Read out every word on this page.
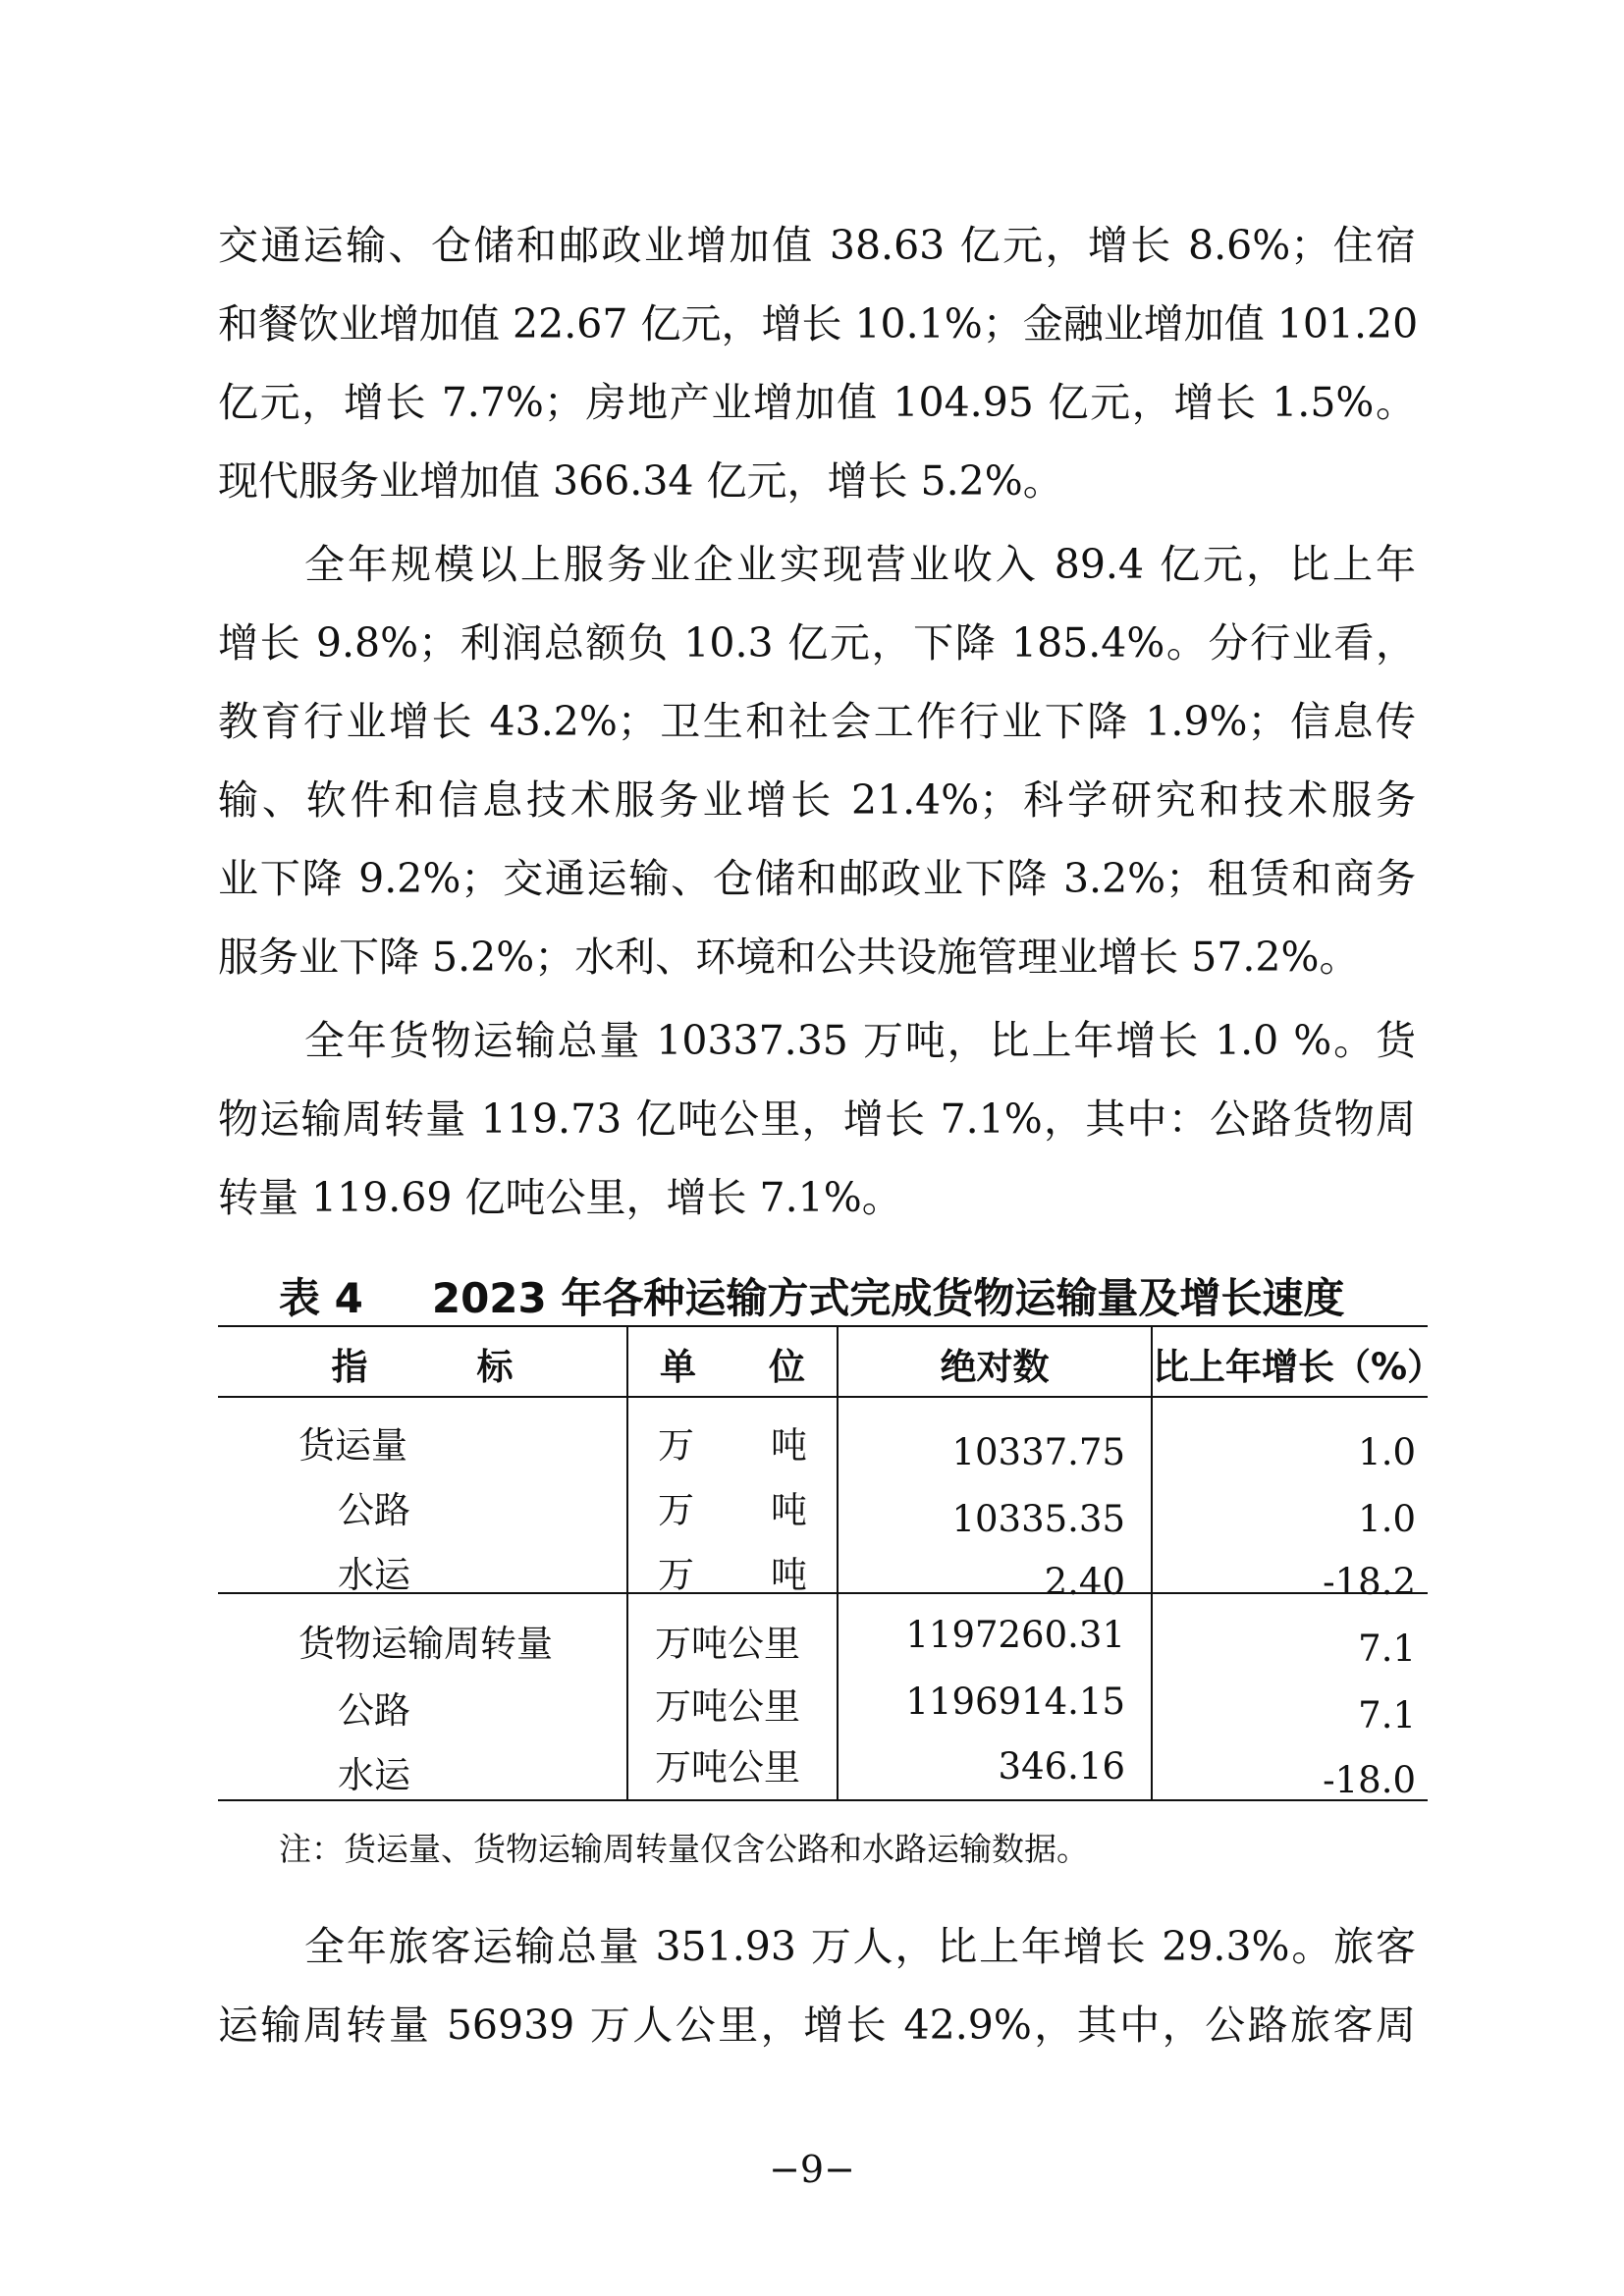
交通运输、仓储和邮政业增加值 38.63 亿元，增长 8.6%；住宿
和餐饮业增加值 22.67 亿元，增长 10.1%；金融业增加值 101.20
亿元，增长 7.7%；房地产业增加值 104.95 亿元，增长 1.5%。
现代服务业增加值 366.34 亿元，增长 5.2%。
全年规模以上服务业企业实现营业收入 89.4 亿元，比上年
增长 9.8%；利润总额负 10.3 亿元，下降 185.4%。分行业看，
教育行业增长 43.2%；卫生和社会工作行业下降 1.9%；信息传
输、软件和信息技术服务业增长 21.4%；科学研究和技术服务
业下降 9.2%；交通运输、仓储和邮政业下降 3.2%；租赁和商务
服务业下降 5.2%；水利、环境和公共设施管理业增长 57.2%。
全年货物运输总量 10337.35 万吨，比上年增长 1.0 %。货
物运输周转量 119.73 亿吨公里，增长 7.1%，其中：公路货物周
转量 119.69 亿吨公里，增长 7.1%。
表 4 2023 年各种运输方式完成货物运输量及增长速度
指　　　标	单　　位	绝对数	比上年增长（%）
货运量	万 吨	10337.75	1.0
公路	万 吨	10335.35	1.0
水运	万 吨	2.40	-18.2
货物运输周转量	万吨公里	1197260.31	7.1
公路	万吨公里	1196914.15	7.1
水运	万吨公里	346.16	-18.0
注：货运量、货物运输周转量仅含公路和水路运输数据。
全年旅客运输总量 351.93 万人，比上年增长 29.3%。旅客
运输周转量 56939 万人公里，增长 42.9%，其中，公路旅客周
−9−
